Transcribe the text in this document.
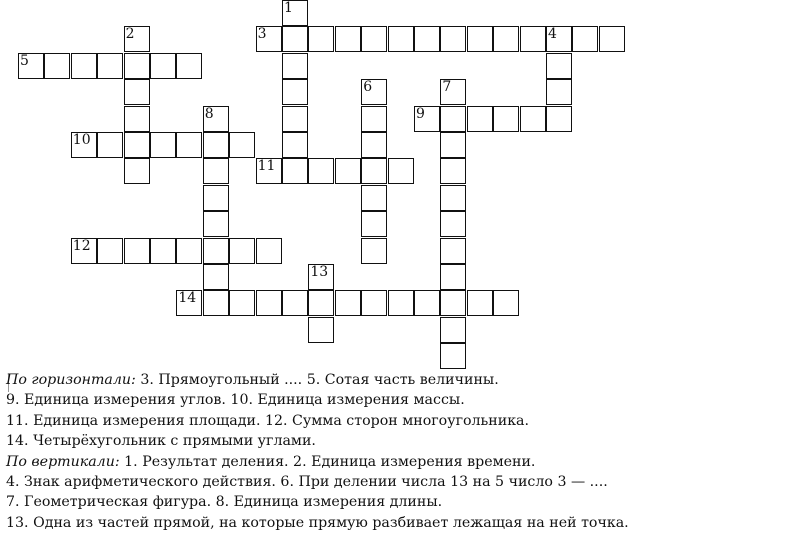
1
2	3	4
5
6	7
8	9
10
11
12
13
14
По горизонтали: 3. Прямоугольный .... 5. Сотая часть величины.
9. Единица измерения углов. 10. Единица измерения массы.
11. Единица измерения площади. 12. Сумма сторон многоугольника.
14. Четырёхугольник с прямыми углами.
По вертикали: 1. Результат деления. 2. Единица измерения времени.
4. Знак арифметического действия. 6. При делении числа 13 на 5 число 3 — ....
7. Геометрическая фигура. 8. Единица измерения длины.
13. Одна из частей прямой, на которые прямую разбивает лежащая на ней точка.
